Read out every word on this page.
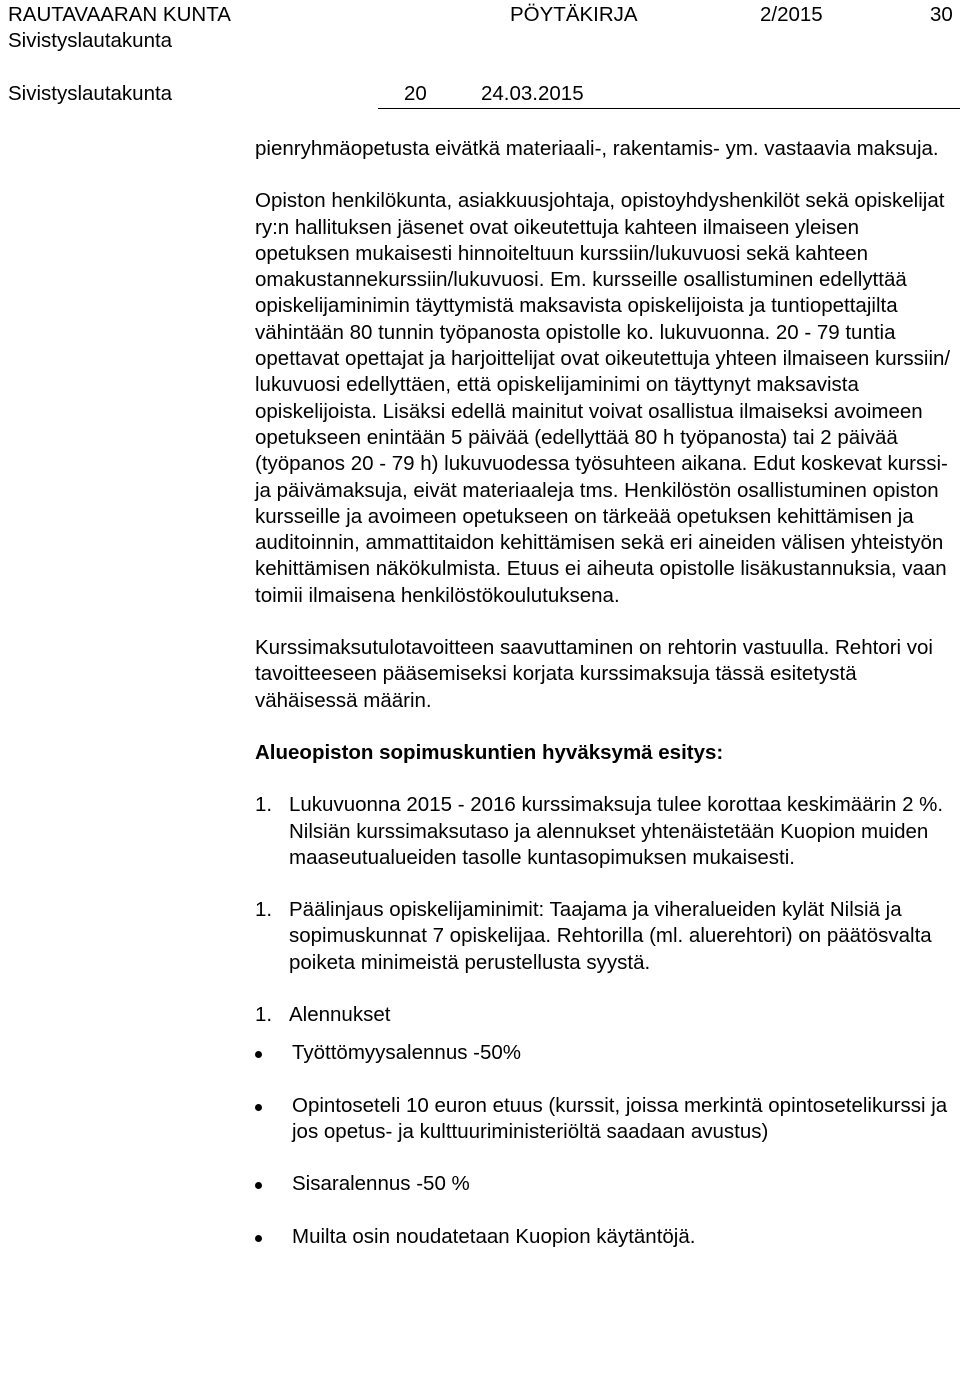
RAUTAVAARAN KUNTA	PÖYTÄKIRJA	2/2015	30
Sivistyslautakunta
Sivistyslautakunta	20	24.03.2015

pienryhmäopetusta eivätkä materiaali-, rakentamis- ym. vastaavia maksuja.

Opiston henkilökunta, asiakkuusjohtaja, opistoyhdyshenkilöt sekä opiskelijat ry:n hallituksen jäsenet ovat oikeutettuja kahteen ilmaiseen yleisen opetuksen mukaisesti hinnoiteltuun kurssiin/lukuvuosi sekä kahteen omakustannekurssiin/lukuvuosi. Em. kursseille osallistuminen edellyttää opiskelijaminimin täyttymistä maksavista opiskelijoista ja tuntiopettajilta vähintään 80 tunnin työpanosta opistolle ko. lukuvuonna. 20 - 79 tuntia opettavat opettajat ja harjoittelijat ovat oikeutettuja yhteen ilmaiseen kurssiin/ lukuvuosi edellyttäen, että opiskelijaminimi on täyttynyt maksavista opiskelijoista. Lisäksi edellä mainitut voivat osallistua ilmaiseksi avoimeen opetukseen enintään 5 päivää (edellyttää 80 h työpanosta) tai 2 päivää (työpanos 20 - 79 h) lukuvuodessa työsuhteen aikana. Edut koskevat kurssi- ja päivämaksuja, eivät materiaaleja tms. Henkilöstön osallistuminen opiston kursseille ja avoimeen opetukseen on tärkeää opetuksen kehittämisen ja auditoinnin, ammattitaidon kehittämisen sekä eri aineiden välisen yhteistyön kehittämisen näkökulmista. Etuus ei aiheuta opistolle lisäkustannuksia, vaan toimii ilmaisena henkilöstökoulutuksena.

Kurssimaksutulotavoitteen saavuttaminen on rehtorin vastuulla. Rehtori voi tavoitteeseen pääsemiseksi korjata kurssimaksuja tässä esitetystä vähäisessä määrin.

Alueopiston sopimuskuntien hyväksymä esitys:

1. Lukuvuonna 2015 - 2016 kurssimaksuja tulee korottaa keskimäärin 2 %. Nilsiän kurssimaksutaso ja alennukset yhtenäistetään Kuopion muiden maaseutualueiden tasolle kuntasopimuksen mukaisesti.

1. Päälinjaus opiskelijaminimit: Taajama ja viheralueiden kylät Nilsiä ja sopimuskunnat 7 opiskelijaa. Rehtorilla (ml. aluerehtori) on päätösvalta poiketa minimeistä perustellusta syystä.

1. Alennukset

Työttömyysalennus -50%

Opintoseteli 10 euron etuus (kurssit, joissa merkintä opintosetelikurssi ja jos opetus- ja kulttuuriministeriöltä saadaan avustus)

Sisaralennus -50 %

Muilta osin noudatetaan Kuopion käytäntöjä.
